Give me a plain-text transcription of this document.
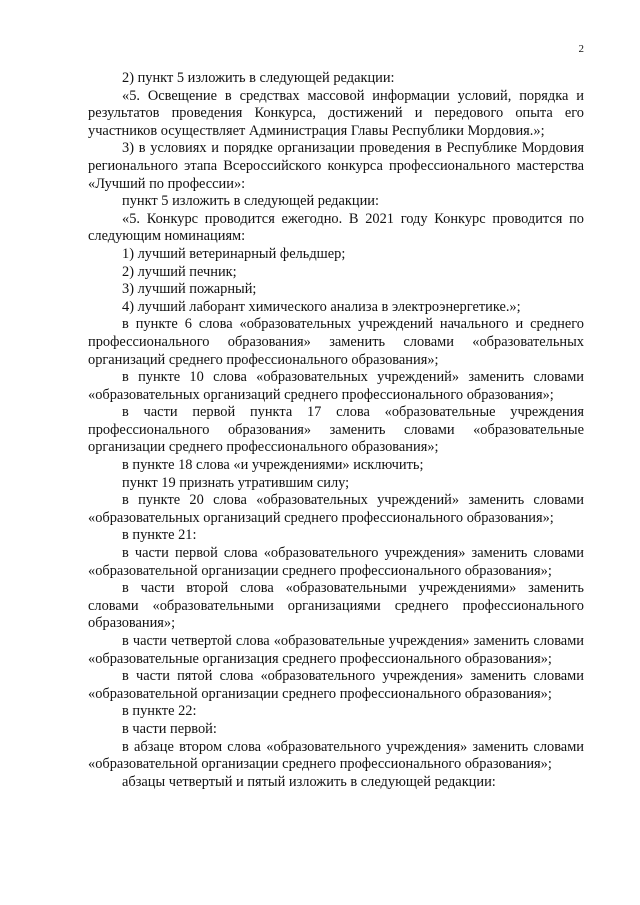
2

2) пункт 5 изложить в следующей редакции:

«5. Освещение в средствах массовой информации условий, порядка и результатов проведения Конкурса, достижений и передового опыта его участников осуществляет Администрация Главы Республики Мордовия.»;

3) в условиях и порядке организации проведения в Республике Мордовия регионального этапа Всероссийского конкурса профессионального мастерства «Лучший по профессии»:

пункт 5 изложить в следующей редакции:

«5. Конкурс проводится ежегодно. В 2021 году Конкурс проводится по следующим номинациям:

1) лучший ветеринарный фельдшер;

2) лучший печник;

3) лучший пожарный;

4) лучший лаборант химического анализа в электроэнергетике.»;

в пункте 6 слова «образовательных учреждений начального и среднего профессионального образования» заменить словами «образовательных организаций среднего профессионального образования»;

в пункте 10 слова «образовательных учреждений» заменить словами «образовательных организаций среднего профессионального образования»;

в части первой пункта 17 слова «образовательные учреждения профессионального образования» заменить словами «образовательные организации среднего профессионального образования»;

в пункте 18 слова «и учреждениями» исключить;

пункт 19 признать утратившим силу;

в пункте 20 слова «образовательных учреждений» заменить словами «образовательных организаций среднего профессионального образования»;

в пункте 21:

в части первой слова «образовательного учреждения» заменить словами «образовательной организации среднего профессионального образования»;

в части второй слова «образовательными учреждениями» заменить словами «образовательными организациями среднего профессионального образования»;

в части четвертой слова «образовательные учреждения» заменить словами «образовательные организация среднего профессионального образования»;

в части пятой слова «образовательного учреждения» заменить словами «образовательной организации среднего профессионального образования»;

в пункте 22:

в части первой:

в абзаце втором слова «образовательного учреждения» заменить словами «образовательной организации среднего профессионального образования»;

абзацы четвертый и пятый изложить в следующей редакции:
